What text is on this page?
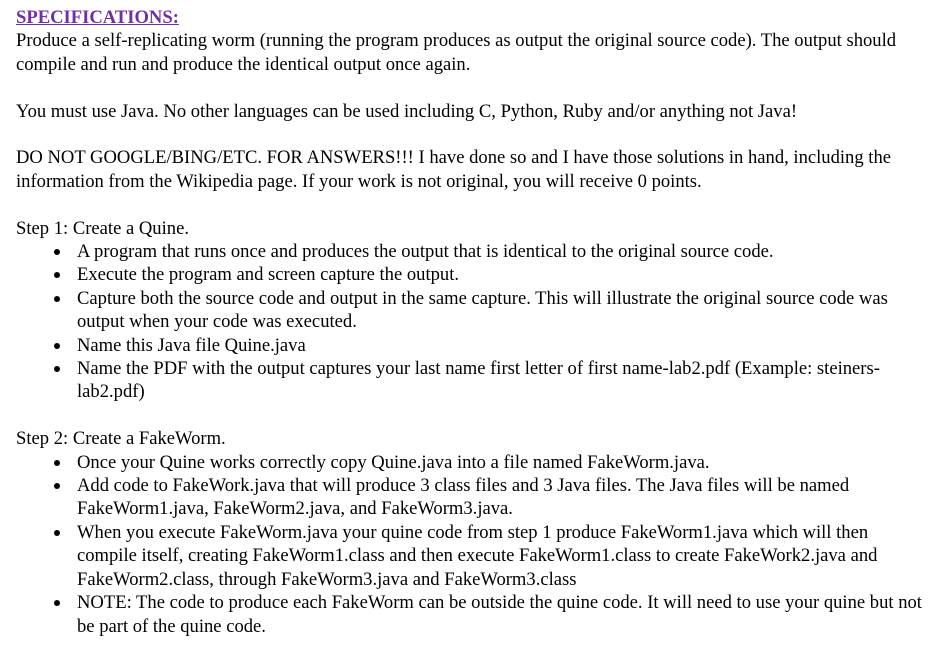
SPECIFICATIONS:

Produce a self-replicating worm (running the program produces as output the original source code). The output should compile and run and produce the identical output once again.

You must use Java. No other languages can be used including C, Python, Ruby and/or anything not Java!

DO NOT GOOGLE/BING/ETC. FOR ANSWERS!!! I have done so and I have those solutions in hand, including the information from the Wikipedia page. If your work is not original, you will receive 0 points.

Step 1: Create a Quine.

A program that runs once and produces the output that is identical to the original source code.
Execute the program and screen capture the output.
Capture both the source code and output in the same capture. This will illustrate the original source code was output when your code was executed.
Name this Java file Quine.java
Name the PDF with the output captures your last name first letter of first name-lab2.pdf (Example: steiners-lab2.pdf)

Step 2: Create a FakeWorm.

Once your Quine works correctly copy Quine.java into a file named FakeWorm.java.
Add code to FakeWork.java that will produce 3 class files and 3 Java files. The Java files will be named FakeWorm1.java, FakeWorm2.java, and FakeWorm3.java.
When you execute FakeWorm.java your quine code from step 1 produce FakeWorm1.java which will then compile itself, creating FakeWorm1.class and then execute FakeWorm1.class to create FakeWork2.java and FakeWorm2.class, through FakeWorm3.java and FakeWorm3.class
NOTE: The code to produce each FakeWorm can be outside the quine code. It will need to use your quine but not be part of the quine code.
